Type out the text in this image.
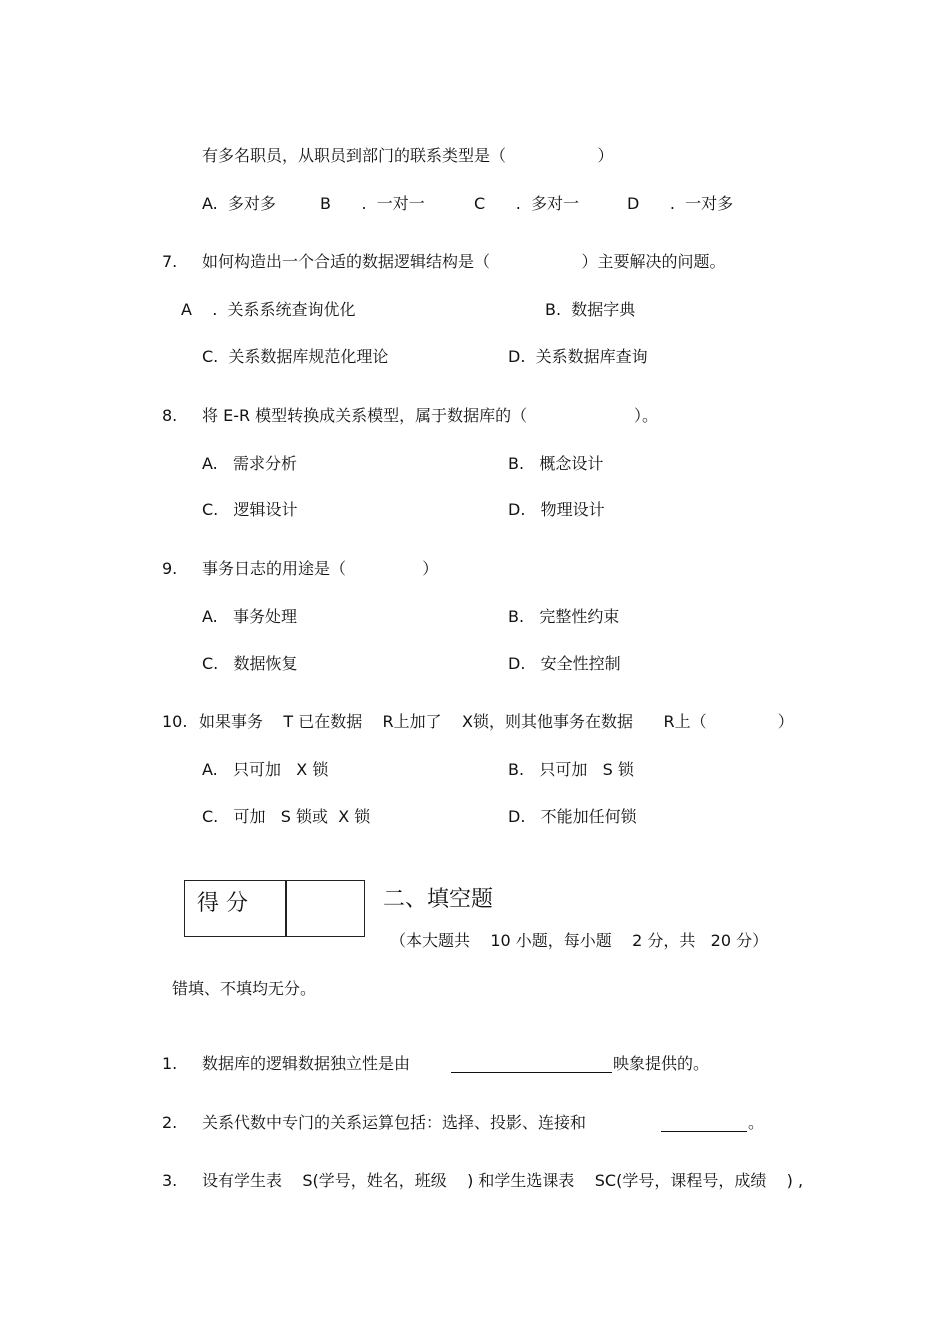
有多名职员，从职员到部门的联系类型是（                  ）
A.  多对多	B      .  一对一	C      .  多对一	D      .  一对多
7. 如何构造出一个合适的数据逻辑结构是（                  ）主要解决的问题。
A    .  关系系统查询优化	B.  数据字典
C.  关系数据库规范化理论	D.  关系数据库查询
8. 将 E-R 模型转换成关系模型，属于数据库的（                     ）。
A.   需求分析	B.   概念设计
C.   逻辑设计	D.   物理设计
9. 事务日志的用途是（               ）
A.   事务处理	B.   完整性约束
C.   数据恢复	D.   安全性控制
10. 如果事务    T 已在数据    R上加了    X锁，则其他事务在数据      R上（              ）
A.   只可加   X 锁	B.   只可加   S 锁
C.   可加   S 锁或  X 锁	D.   不能加任何锁
得 分	二、填空题
（本大题共    10 小题，每小题    2 分，共   20 分）
错填、不填均无分。
1. 数据库的逻辑数据独立性是由	映象提供的。
2. 关系代数中专门的关系运算包括：选择、投影、连接和	。
3. 设有学生表    S(学号，姓名，班级    ) 和学生选课表    SC(学号，课程号，成绩    ) ,
